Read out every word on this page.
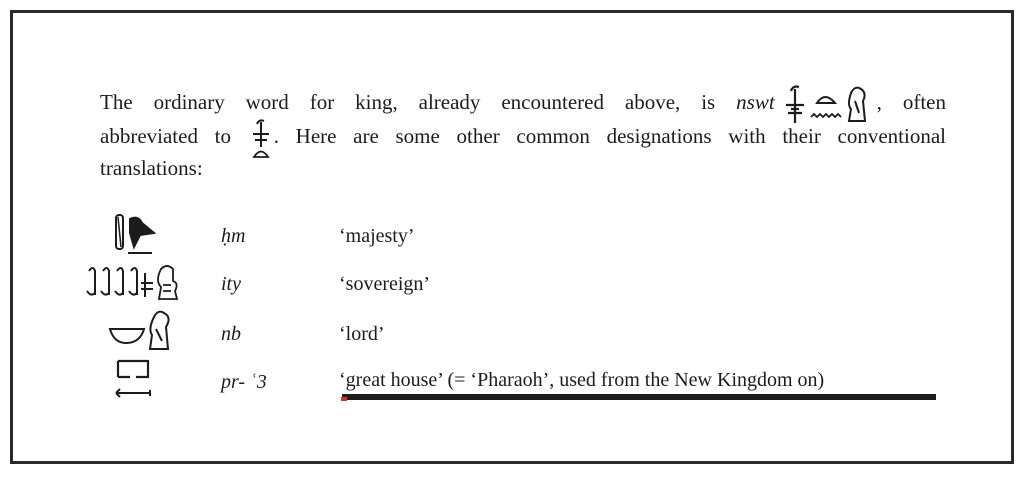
The ordinary word for king, already encountered above, is nswt	, often
abbreviated to . Here are some other common designations with their conventional
translations:
ḥm	‘majesty’
ity	‘sovereign’
nb	‘lord’
pr- ʿ3	‘great house’ (= ‘Pharaoh’, used from the New Kingdom on)
